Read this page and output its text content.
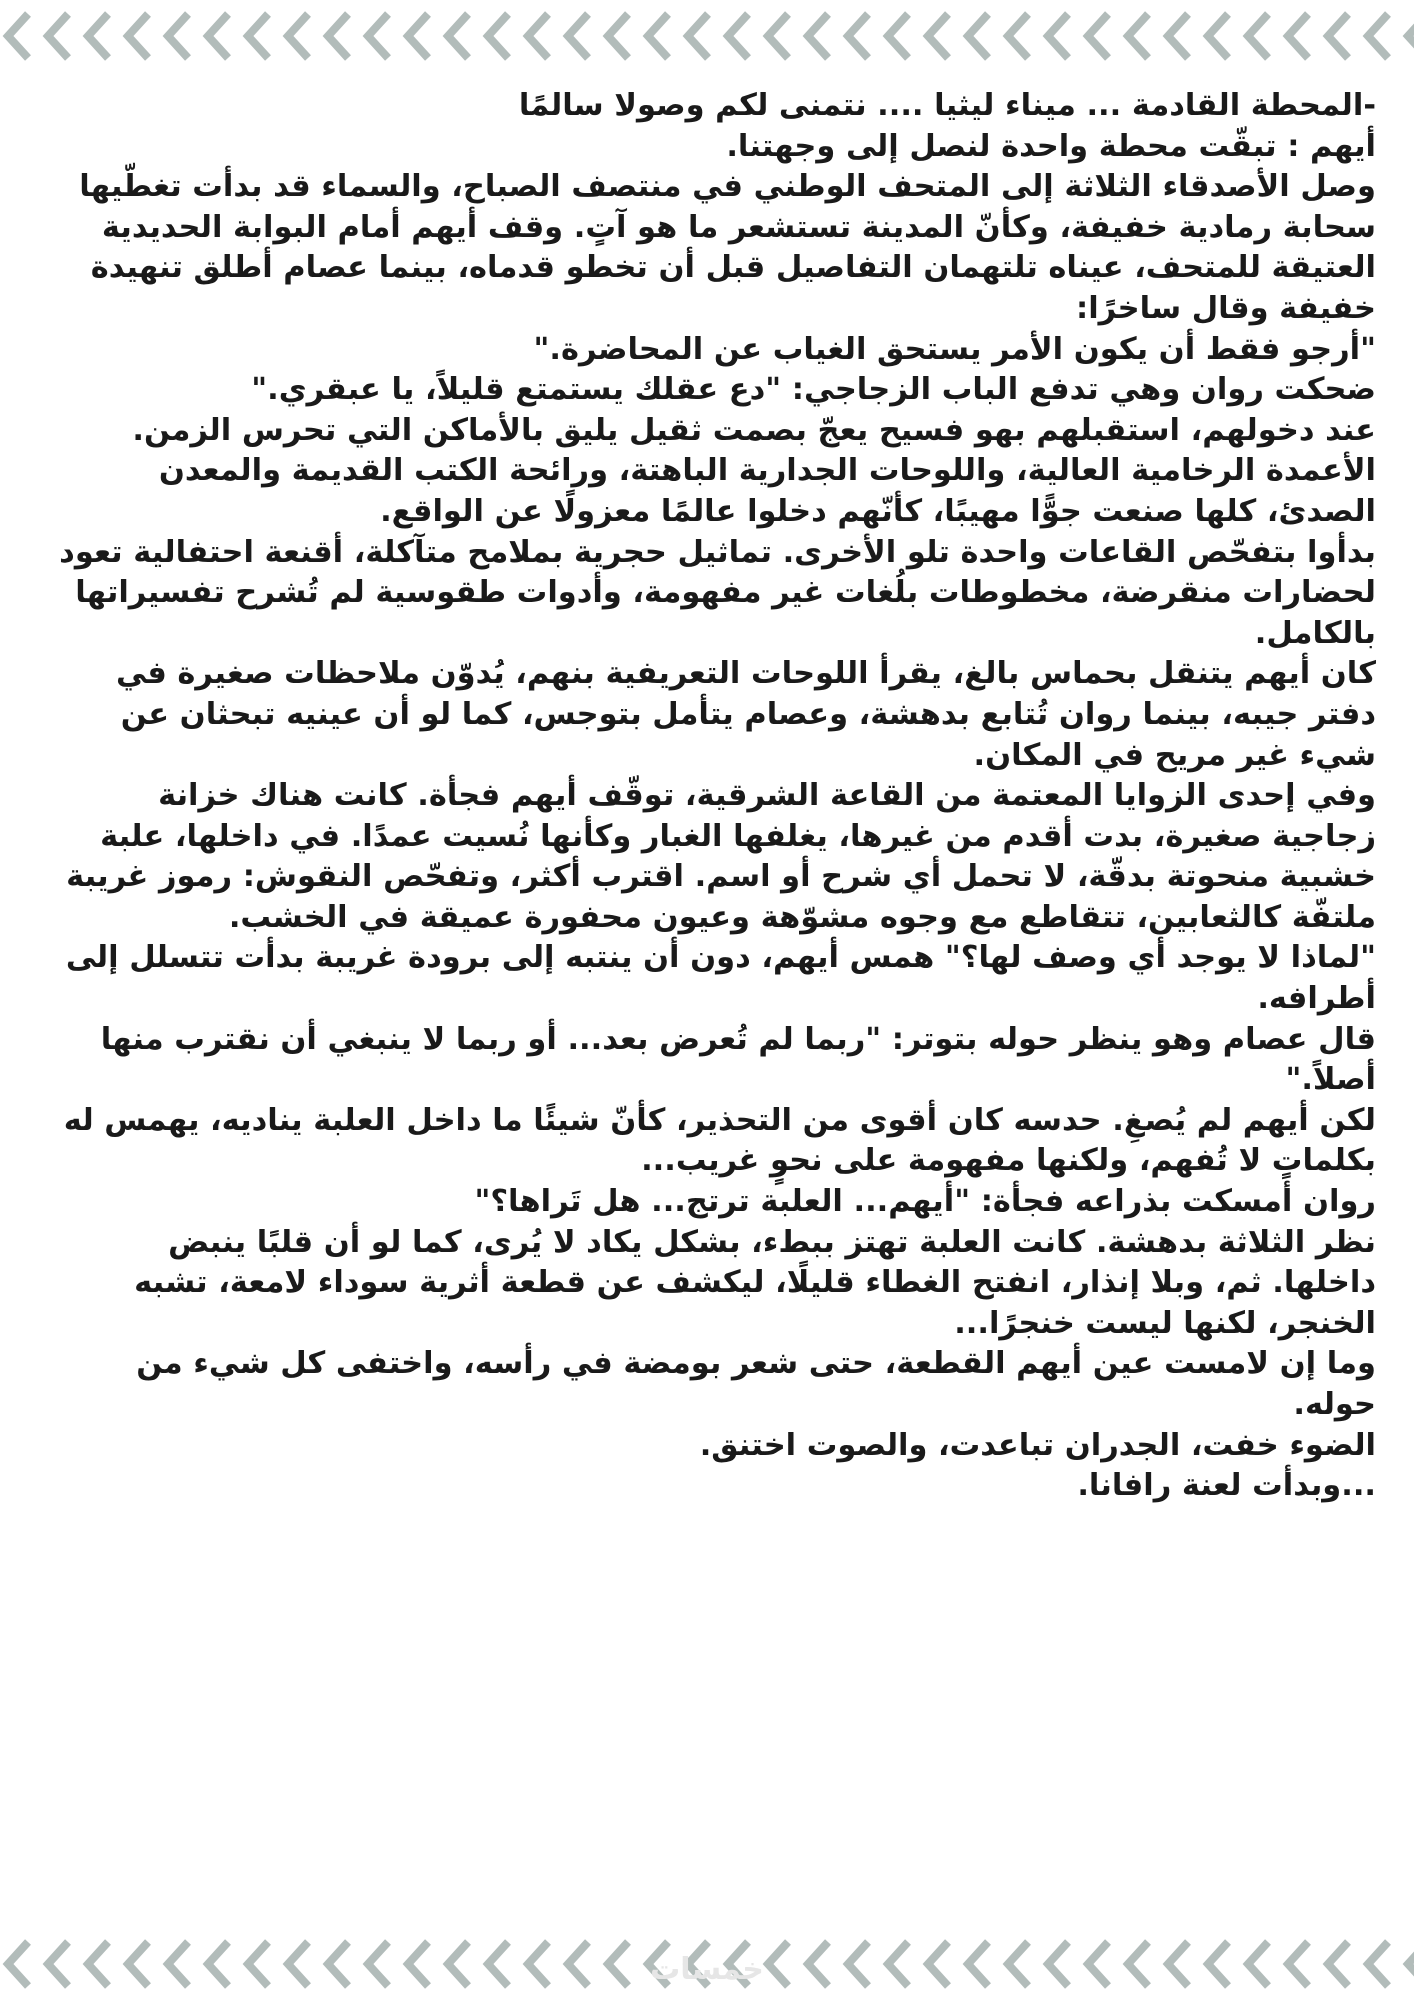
-المحطة القادمة ... ميناء ليثيا .... نتمنى لكم وصولا سالمًا

أيهم : تبقّت محطة واحدة لنصل إلى وجهتنا.

وصل الأصدقاء الثلاثة إلى المتحف الوطني في منتصف الصباح، والسماء قد بدأت تغطّيها سحابة رمادية خفيفة، وكأنّ المدينة تستشعر ما هو آتٍ. وقف أيهم أمام البوابة الحديدية العتيقة للمتحف، عيناه تلتهمان التفاصيل قبل أن تخطو قدماه، بينما عصام أطلق تنهيدة خفيفة وقال ساخرًا:

"أرجو فقط أن يكون الأمر يستحق الغياب عن المحاضرة."

ضحكت روان وهي تدفع الباب الزجاجي: "دع عقلك يستمتع قليلاً، يا عبقري."

عند دخولهم، استقبلهم بهو فسيح يعجّ بصمت ثقيل يليق بالأماكن التي تحرس الزمن. الأعمدة الرخامية العالية، واللوحات الجدارية الباهتة، ورائحة الكتب القديمة والمعدن الصدئ، كلها صنعت جوًّا مهيبًا، كأنّهم دخلوا عالمًا معزولًا عن الواقع.

بدأوا بتفحّص القاعات واحدة تلو الأخرى. تماثيل حجرية بملامح متآكلة، أقنعة احتفالية تعود لحضارات منقرضة، مخطوطات بلُغات غير مفهومة، وأدوات طقوسية لم تُشرح تفسيراتها بالكامل.

كان أيهم يتنقل بحماس بالغ، يقرأ اللوحات التعريفية بنهم، يُدوّن ملاحظات صغيرة في دفتر جيبه، بينما روان تُتابع بدهشة، وعصام يتأمل بتوجس، كما لو أن عينيه تبحثان عن شيء غير مريح في المكان.

وفي إحدى الزوايا المعتمة من القاعة الشرقية، توقّف أيهم فجأة. كانت هناك خزانة زجاجية صغيرة، بدت أقدم من غيرها، يغلفها الغبار وكأنها نُسيت عمدًا. في داخلها، علبة خشبية منحوتة بدقّة، لا تحمل أي شرح أو اسم. اقترب أكثر، وتفحّص النقوش: رموز غريبة ملتفّة كالثعابين، تتقاطع مع وجوه مشوّهة وعيون محفورة عميقة في الخشب.

"لماذا لا يوجد أي وصف لها؟" همس أيهم، دون أن ينتبه إلى برودة غريبة بدأت تتسلل إلى أطرافه.

قال عصام وهو ينظر حوله بتوتر: "ربما لم تُعرض بعد... أو ربما لا ينبغي أن نقترب منها أصلاً."

لكن أيهم لم يُصغِ. حدسه كان أقوى من التحذير، كأنّ شيئًا ما داخل العلبة يناديه، يهمس له بكلماتٍ لا تُفهم، ولكنها مفهومة على نحوٍ غريب...

روان أمسكت بذراعه فجأة: "أيهم... العلبة ترتج... هل تَراها؟"

نظر الثلاثة بدهشة. كانت العلبة تهتز ببطء، بشكل يكاد لا يُرى، كما لو أن قلبًا ينبض داخلها. ثم، وبلا إنذار، انفتح الغطاء قليلًا، ليكشف عن قطعة أثرية سوداء لامعة، تشبه الخنجر، لكنها ليست خنجرًا...

وما إن لامست عين أيهم القطعة، حتى شعر بومضة في رأسه، واختفى كل شيء من حوله.

الضوء خفت، الجدران تباعدت، والصوت اختنق.

...وبدأت لعنة رافانا.

خمسات
